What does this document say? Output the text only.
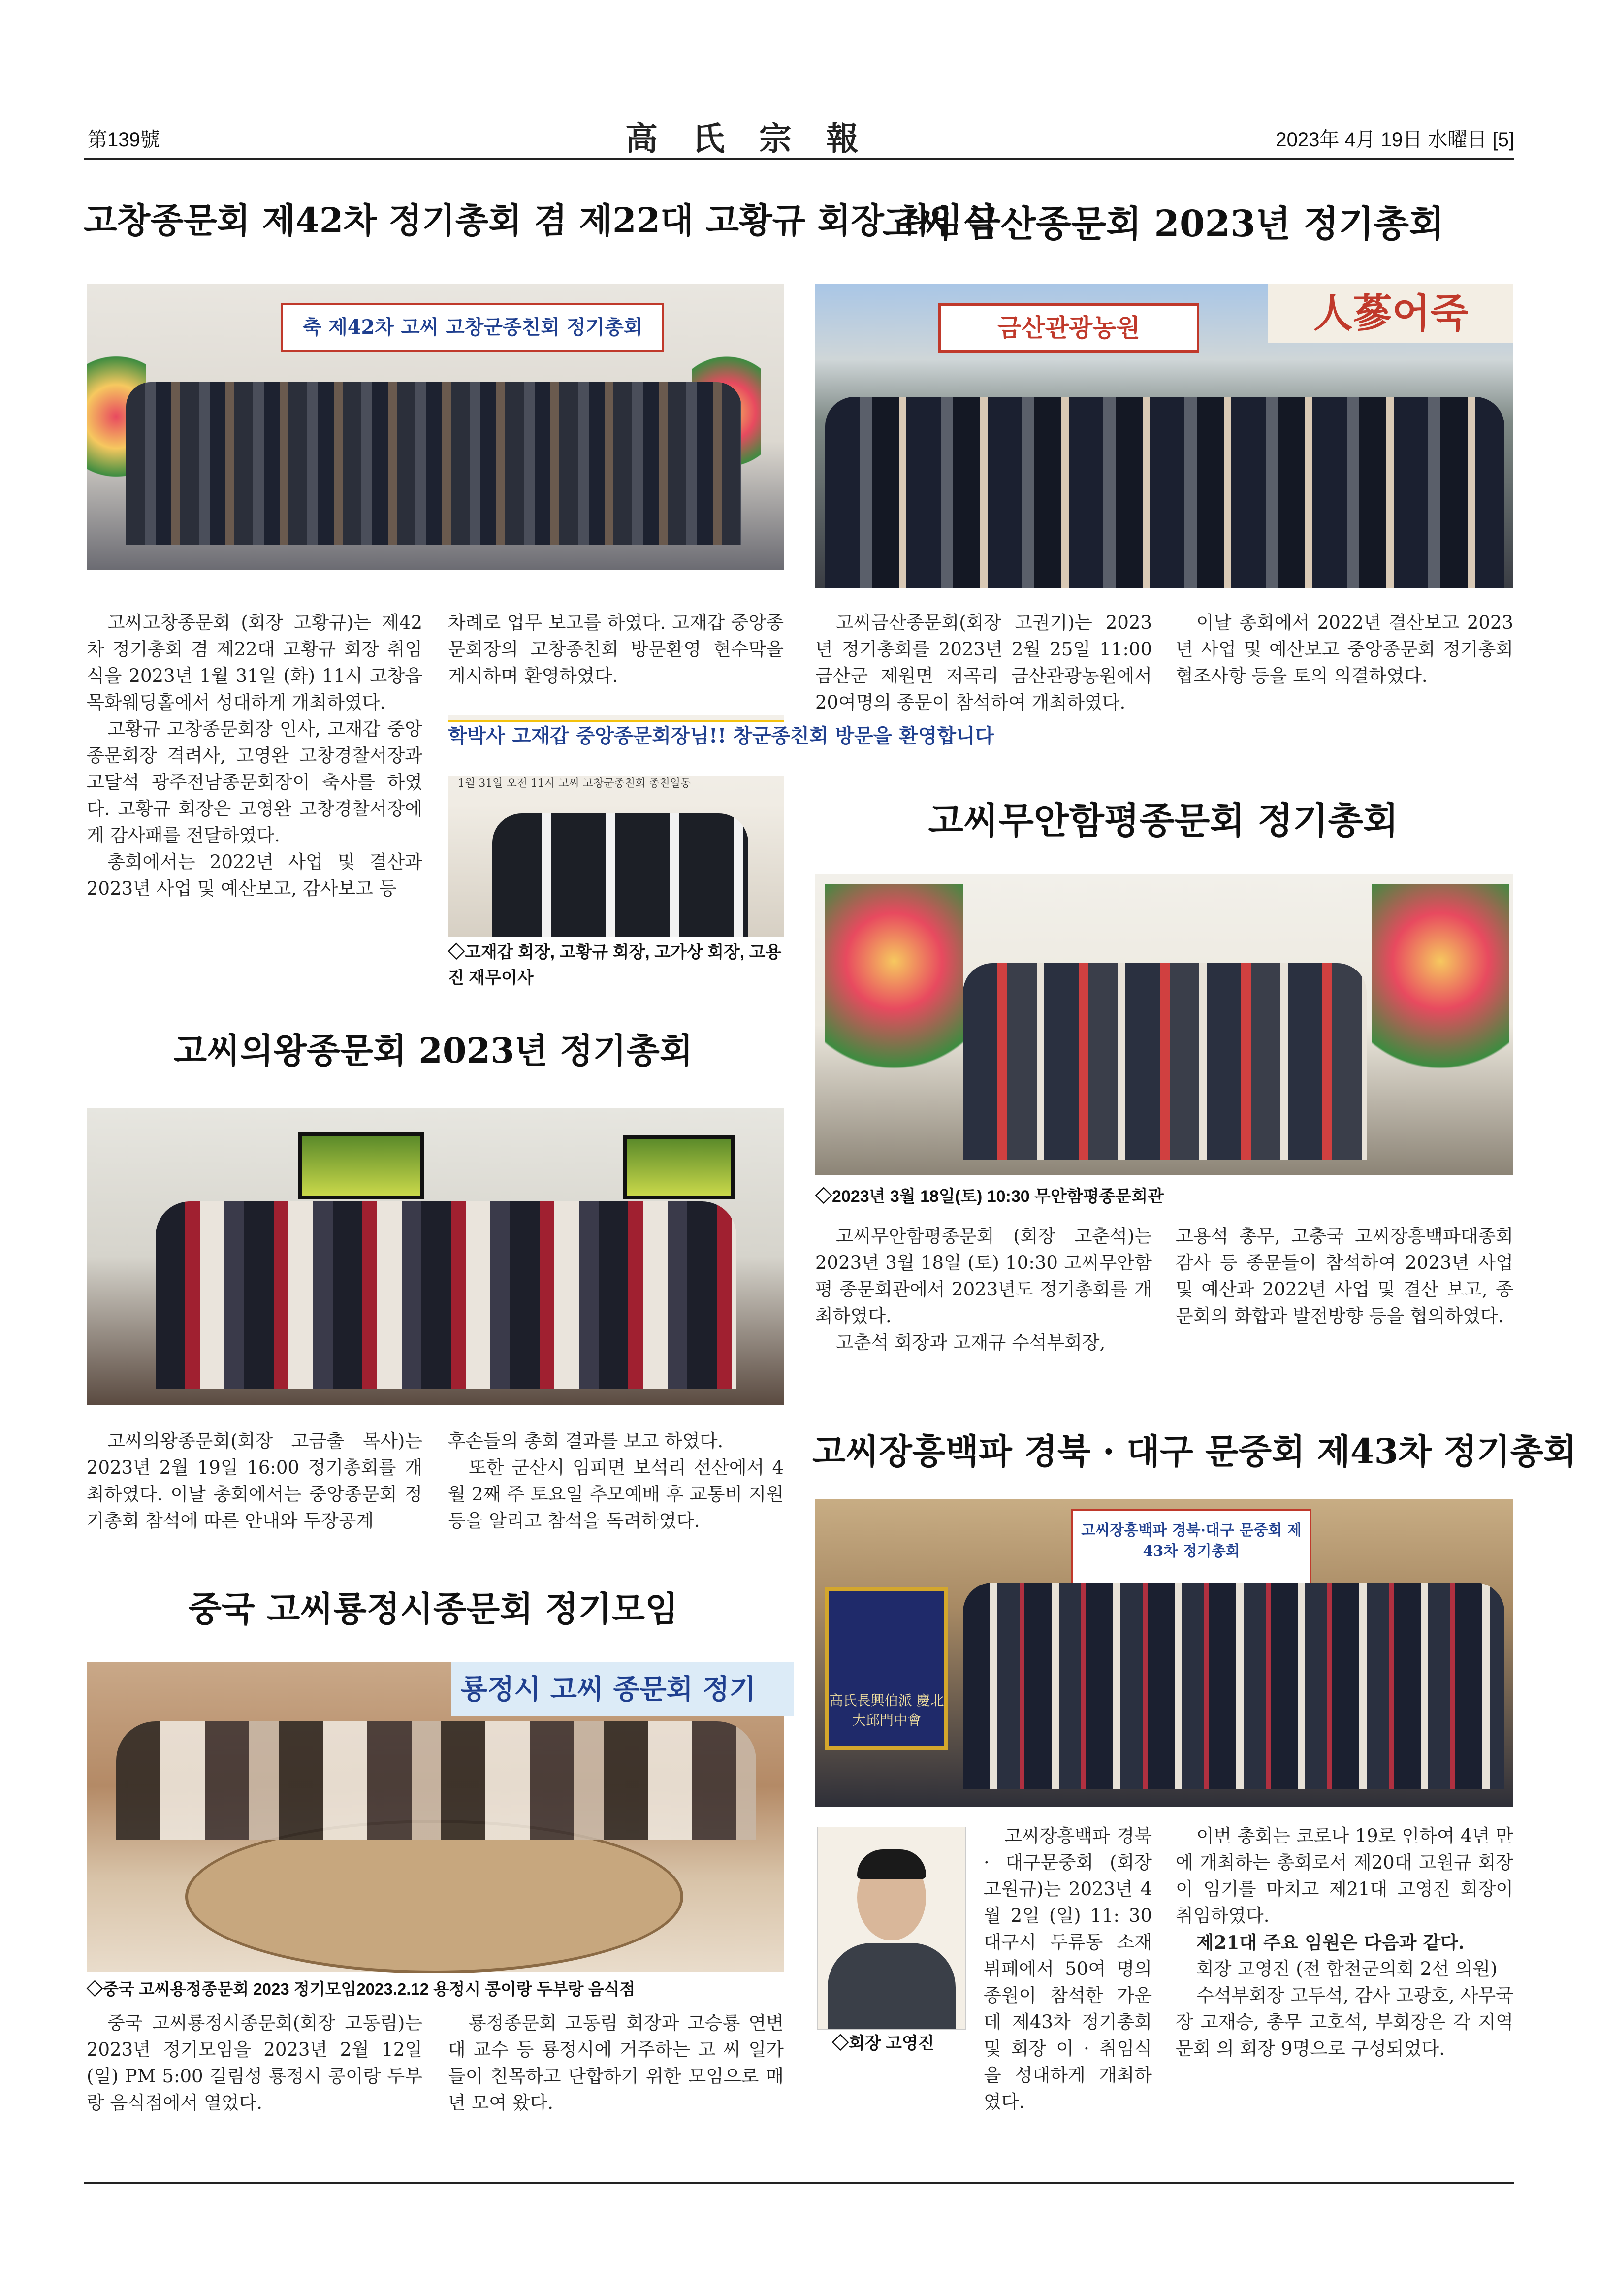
第139號	高氏宗報	2023年 4月 19日 水曜日 [5]
고창종문회 제42차 정기총회 겸 제22대 고황규 회장 취임식
축 제42차 고씨 고창군종친회 정기총회

고씨고창종문회 (회장 고황규)는 제42차 정기총회 겸 제22대 고황규 회장 취임식을 2023년 1월 31일 (화) 11시 고창읍 목화웨딩홀에서 성대하게 개최하였다.

고황규 고창종문회장 인사, 고재갑 중앙종문회장 격려사, 고영완 고창경찰서장과 고달석 광주전남종문회장이 축사를 하였다. 고황규 회장은 고영완 고창경찰서장에게 감사패를 전달하였다.

총회에서는 2022년 사업 및 결산과 2023년 사업 및 예산보고, 감사보고 등

차례로 업무 보고를 하였다. 고재갑 중앙종문회장의 고창종친회 방문환영 현수막을 게시하며 환영하였다.

학박사 고재갑 중앙종문회장님!! 창군종친회 방문을 환영합니다
1월 31일 오전 11시 고씨 고창군종친회 종친일동
◇고재갑 회장, 고황규 회장, 고가상 회장, 고용진 재무이사
고씨의왕종문회 2023년 정기총회

고씨의왕종문회(회장 고금출 목사)는 2023년 2월 19일 16:00 정기총회를 개최하였다. 이날 총회에서는 중앙종문회 정기총회 참석에 따른 안내와 두장공계

후손들의 총회 결과를 보고 하였다.

또한 군산시 임피면 보석리 선산에서 4월 2째 주 토요일 추모예배 후 교통비 지원 등을 알리고 참석을 독려하였다.

중국 고씨룡정시종문회 정기모임
룡정시 고씨 종문회 정기
◇중국 고씨용정종문회 2023 정기모임2023.2.12 용정시 콩이랑 두부랑 음식점

중국 고씨룡정시종문회(회장 고동림)는 2023년 정기모임을 2023년 2월 12일(일) PM 5:00 길림성 룡정시 콩이랑 두부랑 음식점에서 열었다.

룡정종문회 고동림 회장과 고승룡 연변대 교수 등 룡정시에 거주하는 고 씨 일가들이 친목하고 단합하기 위한 모임으로 매년 모여 왔다.

고씨 금산종문회 2023년 정기총회
금산관광농원	人蔘어죽

고씨금산종문회(회장 고권기)는 2023년 정기총회를 2023년 2월 25일 11:00 금산군 제원면 저곡리 금산관광농원에서 20여명의 종문이 참석하여 개최하였다.

이날 총회에서 2022년 결산보고 2023년 사업 및 예산보고 중앙종문회 정기총회 협조사항 등을 토의 의결하였다.

고씨무안함평종문회 정기총회
◇2023년 3월 18일(토) 10:30 무안함평종문회관

고씨무안함평종문회 (회장 고춘석)는 2023년 3월 18일 (토) 10:30 고씨무안함평 종문회관에서 2023년도 정기총회를 개최하였다.

고춘석 회장과 고재규 수석부회장,

고용석 총무, 고충국 고씨장흥백파대종회 감사 등 종문들이 참석하여 2023년 사업 및 예산과 2022년 사업 및 결산 보고, 종문회의 화합과 발전방향 등을 협의하였다.

고씨장흥백파 경북 · 대구 문중회 제43차 정기총회
고씨장흥백파 경북·대구 문중회 제43차 정기총회
高氏長興伯派 慶北大邱門中會
◇회장 고영진

고씨장흥백파 경북 · 대구문중회 (회장 고원규)는 2023년 4월 2일 (일) 11: 30 대구시 두류동 소재 뷔페에서 50여 명의 종원이 참석한 가운데 제43차 정기총회 및 회장 이 · 취임식을 성대하게 개최하였다.

이번 총회는 코로나 19로 인하여 4년 만에 개최하는 총회로서 제20대 고원규 회장이 임기를 마치고 제21대 고영진 회장이 취임하였다.

제21대 주요 임원은 다음과 같다.

회장 고영진 (전 합천군의회 2선 의원)

수석부회장 고두석, 감사 고광호, 사무국장 고재승, 총무 고호석, 부회장은 각 지역 문회 의 회장 9명으로 구성되었다.
